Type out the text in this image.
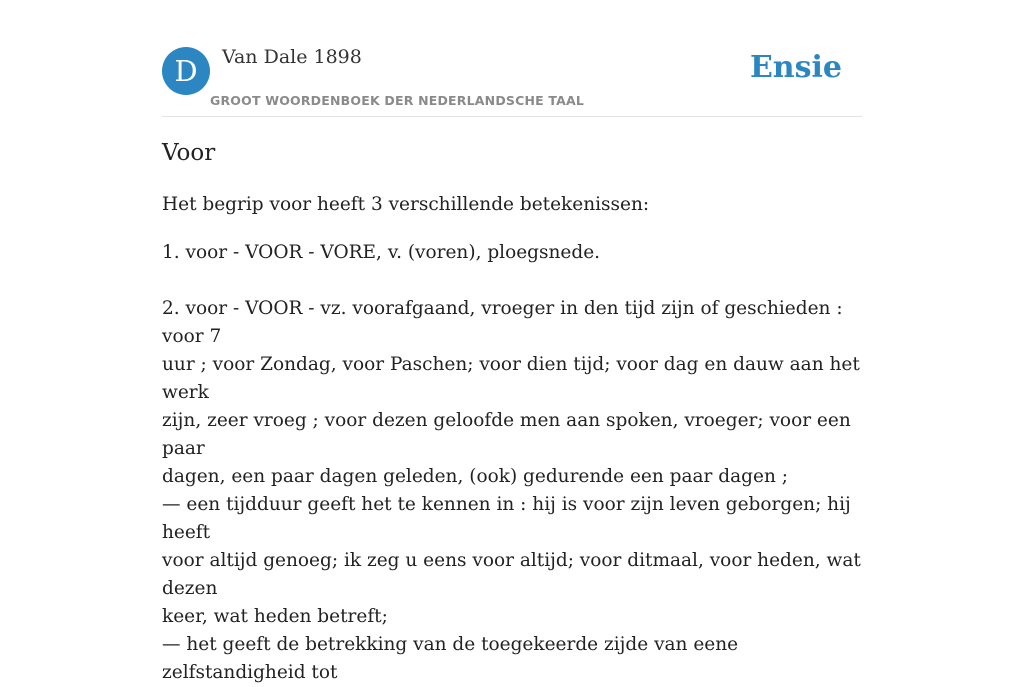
D	Van Dale 1898
GROOT WOORDENBOEK DER NEDERLANDSCHE TAAL
Ensie
Voor

Het begrip voor heeft 3 verschillende betekenissen:

1. voor - VOOR - VORE, v. (voren), ploegsnede.
2. voor - VOOR - vz. voorafgaand, vroeger in den tijd zijn of geschieden : voor 7
uur ; voor Zondag, voor Paschen; voor dien tijd; voor dag en dauw aan het werk
zijn, zeer vroeg ; voor dezen geloofde men aan spoken, vroeger; voor een paar
dagen, een paar dagen geleden, (ook) gedurende een paar dagen ;
— een tijdduur geeft het te kennen in : hij is voor zijn leven geborgen; hij heeft
voor altijd genoeg; ik zeg u eens voor altijd; voor ditmaal, voor heden, wat dezen
keer, wat heden betreft;
— het geeft de betrekking van de toegekeerde zijde van eene zelfstandigheid tot
